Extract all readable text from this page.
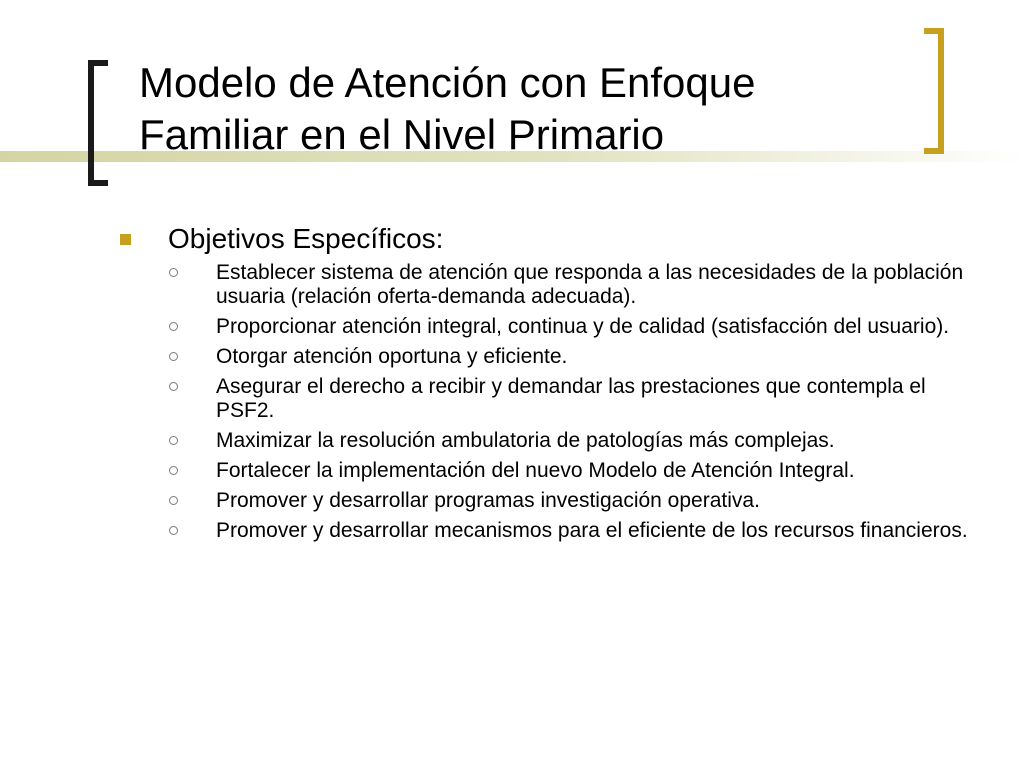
Modelo de Atención con Enfoque
Familiar en el Nivel Primario
Objetivos Específicos:
Establecer sistema de atención que responda a las necesidades de la población usuaria (relación oferta-demanda adecuada).
Proporcionar atención integral, continua y de calidad (satisfacción del usuario).
Otorgar atención oportuna y eficiente.
Asegurar el derecho a recibir y demandar las prestaciones que contempla el PSF2.
Maximizar la resolución ambulatoria de patologías más complejas.
Fortalecer la implementación del nuevo Modelo de Atención Integral.
Promover y desarrollar programas investigación operativa.
Promover y desarrollar mecanismos para el eficiente de los recursos financieros.
